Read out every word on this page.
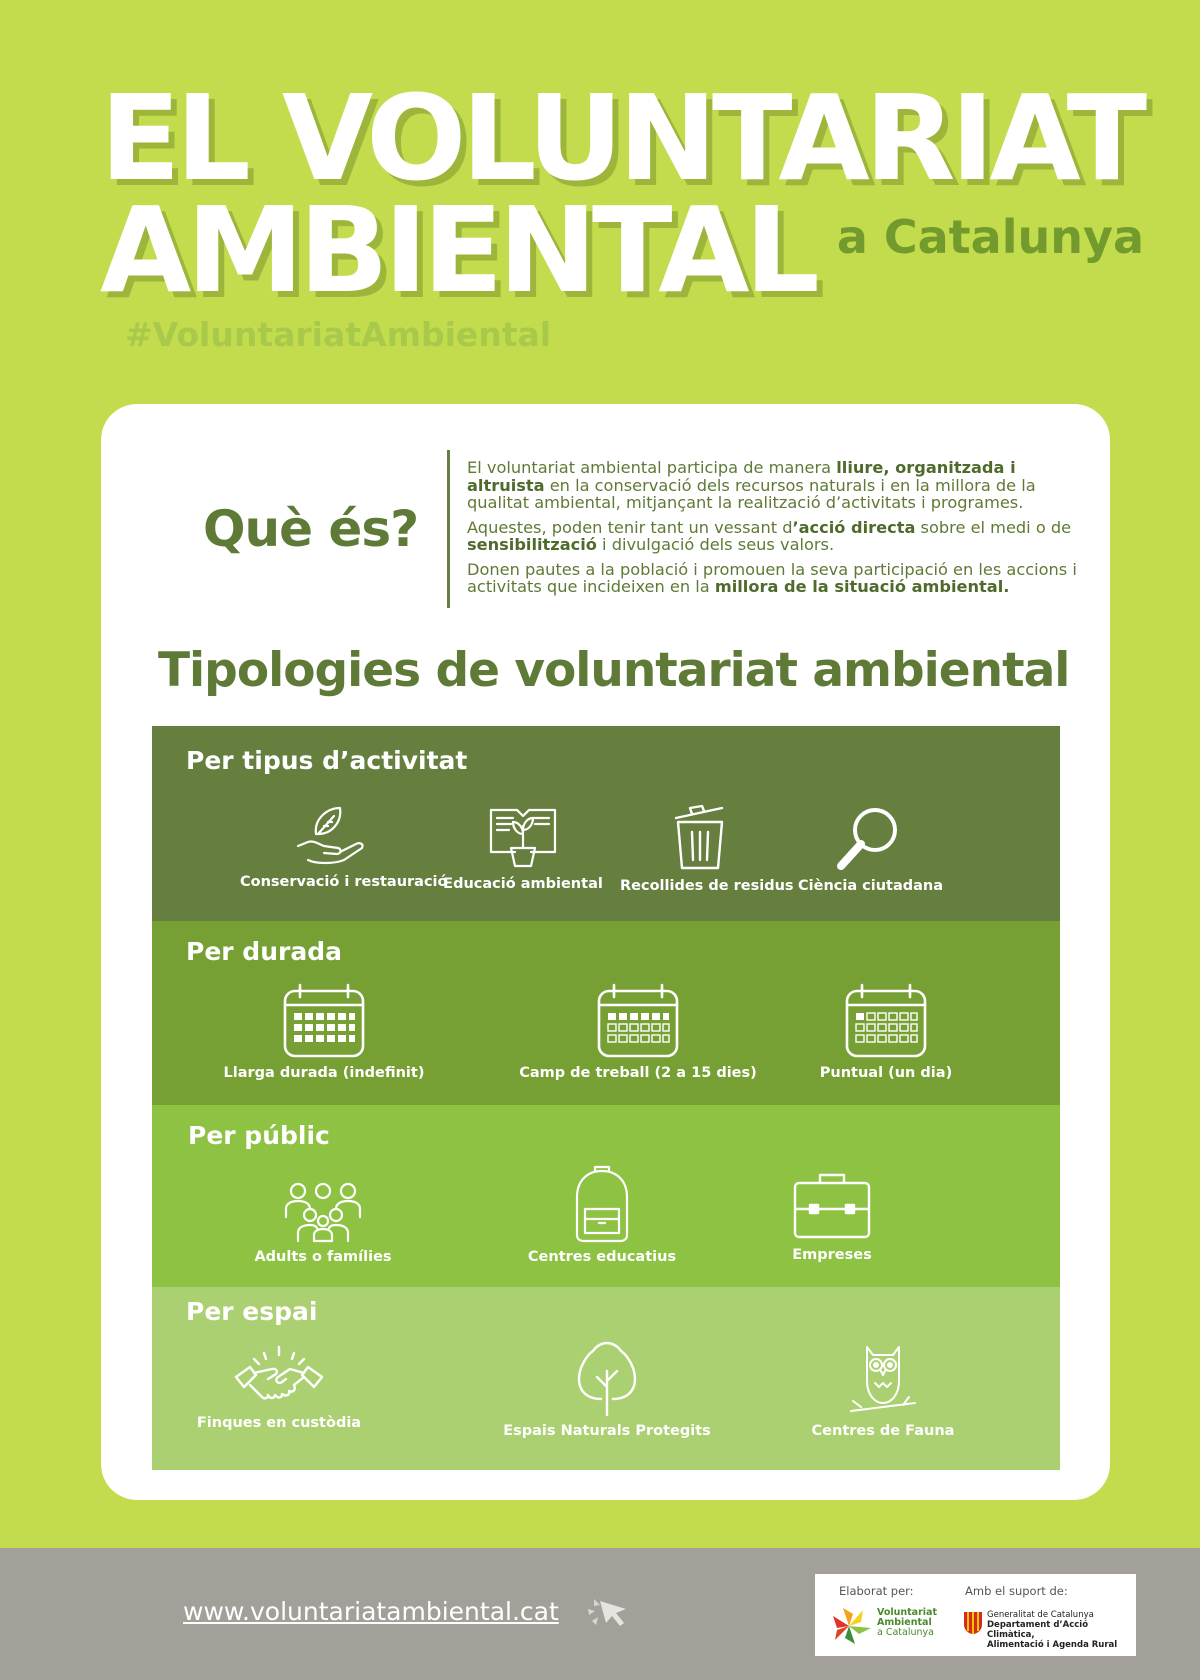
EL VOLUNTARIAT
AMBIENTAL a Catalunya
#VoluntariatAmbiental
Què és?

El voluntariat ambiental participa de manera lliure, organitzada i altruista en la conservació dels recursos naturals i en la millora de la qualitat ambiental, mitjançant la realització d’activitats i programes.

Aquestes, poden tenir tant un vessant d’acció directa sobre el medi o de sensibilització i divulgació dels seus valors.

Donen pautes a la població i promouen la seva participació en les accions i activitats que incideixen en la millora de la situació ambiental.

Tipologies de voluntariat ambiental
Per tipus d’activitat
Conservació i restauració
Educació ambiental	Recollides de residus Ciència ciutadana
Per durada
Llarga durada (indefinit)	Camp de treball (2 a 15 dies)	Puntual (un dia)
Per públic
Adults o famílies	Centres educatius	Empreses
Per espai
Finques en custòdia	Espais Naturals Protegits	Centres de Fauna
www.voluntariatambiental.cat
Elaborat per:	Amb el suport de:
Voluntariat
Ambiental
a Catalunya
Generalitat de Catalunya
Departament d’Acció Climàtica,
Alimentació i Agenda Rural
